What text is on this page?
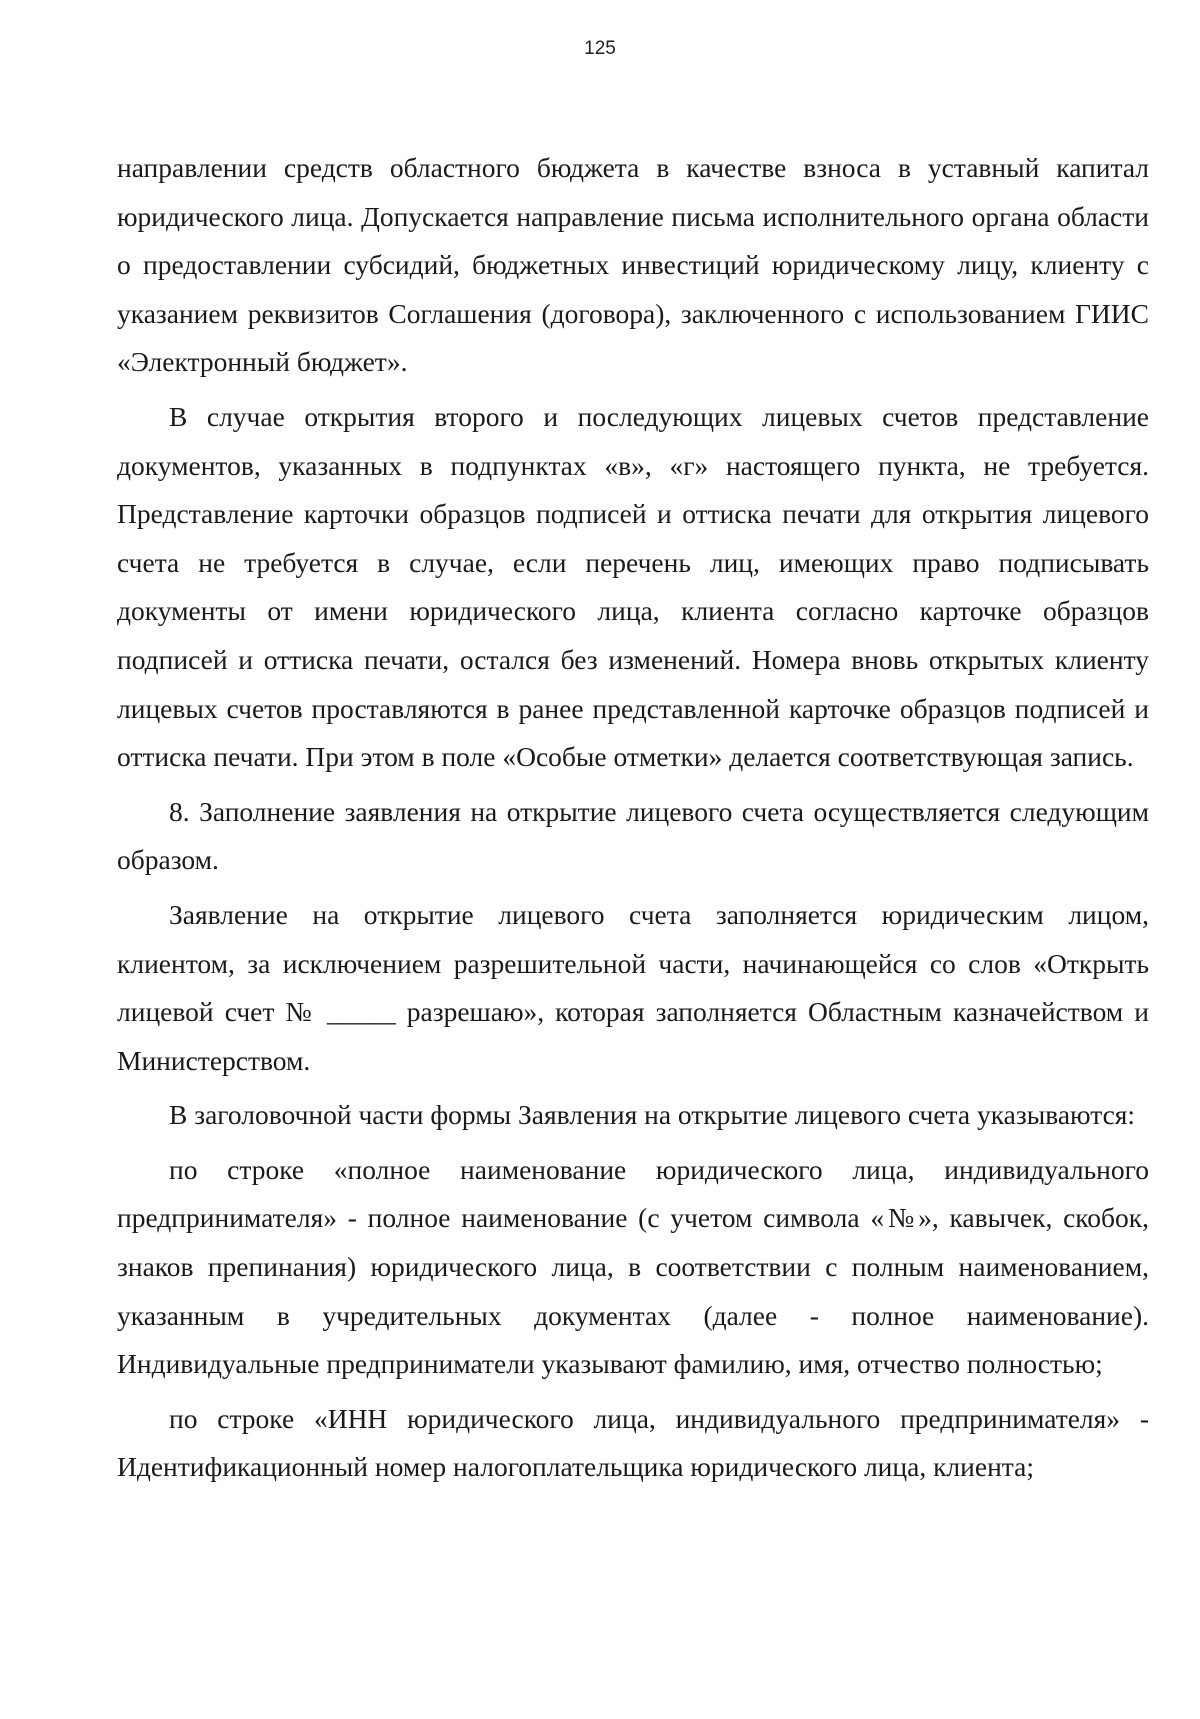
125

направлении средств областного бюджета в качестве взноса в уставный капитал юридического лица. Допускается направление письма исполнительного органа области о предоставлении субсидий, бюджетных инвестиций юридическому лицу, клиенту с указанием реквизитов Соглашения (договора), заключенного с использованием ГИИС «Электронный бюджет».

В случае открытия второго и последующих лицевых счетов представление документов, указанных в подпунктах «в», «г» настоящего пункта, не требуется. Представление карточки образцов подписей и оттиска печати для открытия лицевого счета не требуется в случае, если перечень лиц, имеющих право подписывать документы от имени юридического лица, клиента согласно карточке образцов подписей и оттиска печати, остался без изменений. Номера вновь открытых клиенту лицевых счетов проставляются в ранее представленной карточке образцов подписей и оттиска печати. При этом в поле «Особые отметки» делается соответствующая запись.

8. Заполнение заявления на открытие лицевого счета осуществляется следующим образом.

Заявление на открытие лицевого счета заполняется юридическим лицом, клиентом, за исключением разрешительной части, начинающейся со слов «Открыть лицевой счет № _____ разрешаю», которая заполняется Областным казначейством и Министерством.

В заголовочной части формы Заявления на открытие лицевого счета указываются:

по строке «полное наименование юридического лица, индивидуального предпринимателя» - полное наименование (с учетом символа «№», кавычек, скобок, знаков препинания) юридического лица, в соответствии с полным наименованием, указанным в учредительных документах (далее - полное наименование). Индивидуальные предприниматели указывают фамилию, имя, отчество полностью;

по строке «ИНН юридического лица, индивидуального предпринимателя» - Идентификационный номер налогоплательщика юридического лица, клиента;
